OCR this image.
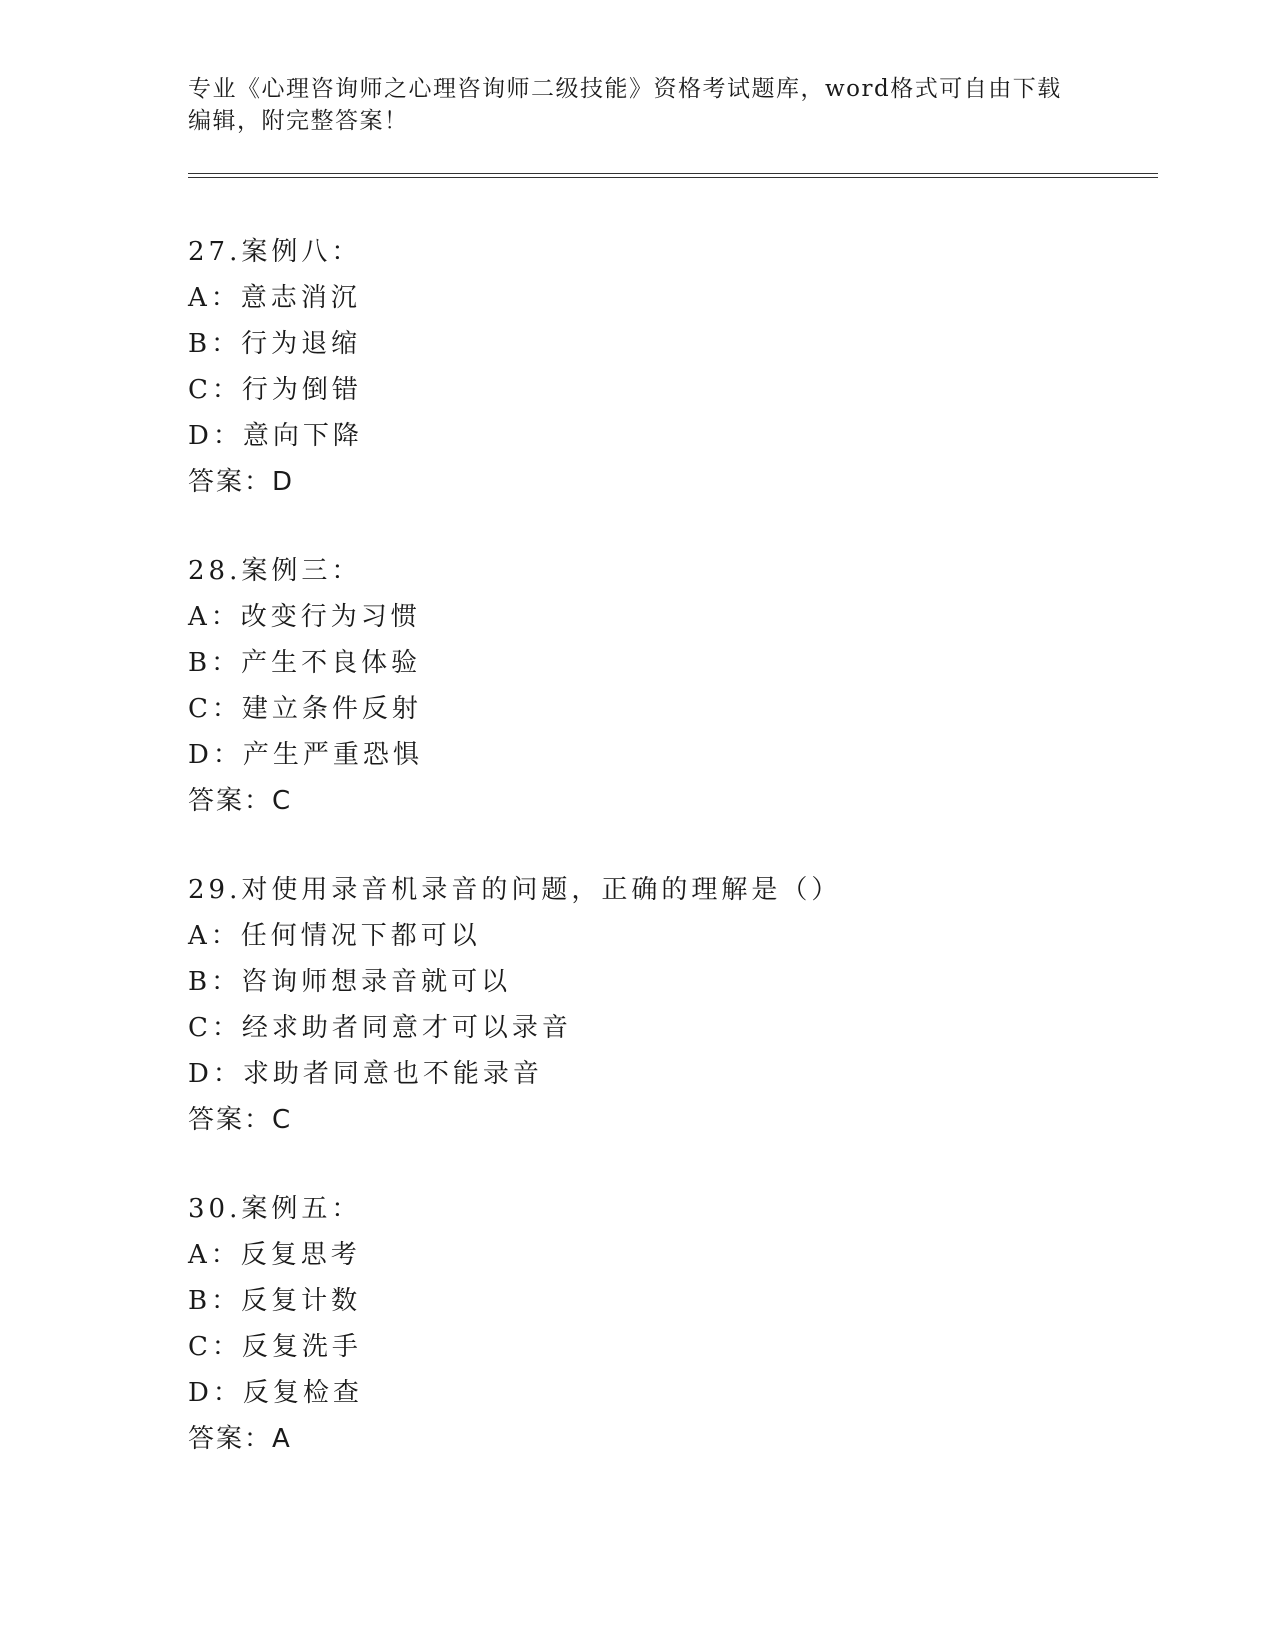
专业《心理咨询师之心理咨询师二级技能》资格考试题库，word格式可自由下载
编辑，附完整答案！
27.案例八：
A：意志消沉
B：行为退缩
C：行为倒错
D：意向下降
答案：D
28.案例三：
A：改变行为习惯
B：产生不良体验
C：建立条件反射
D：产生严重恐惧
答案：C
29.对使用录音机录音的问题，正确的理解是（）
A：任何情况下都可以
B：咨询师想录音就可以
C：经求助者同意才可以录音
D：求助者同意也不能录音
答案：C
30.案例五：
A：反复思考
B：反复计数
C：反复洗手
D：反复检查
答案：A
